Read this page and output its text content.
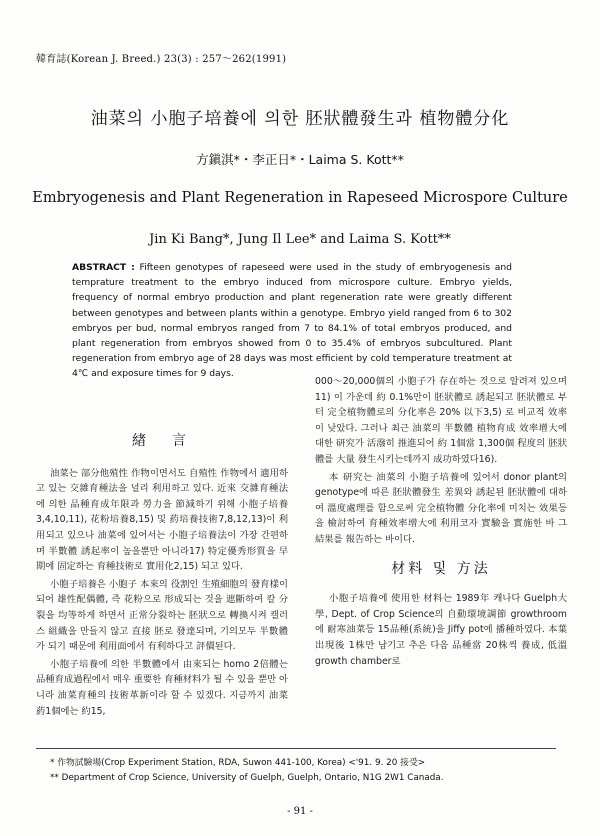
韓育誌(Korean J. Breed.) 23(3) : 257～262(1991)
油菜의 小胞子培養에 의한 胚狀體發生과 植物體分化
方鎭淇*・李正日*・Laima S. Kott**
Embryogenesis and Plant Regeneration in Rapeseed Microspore Culture
Jin Ki Bang*, Jung Il Lee* and Laima S. Kott**
ABSTRACT : Fifteen genotypes of rapeseed were used in the study of embryogenesis and temprature treatment to the embryo induced from microspore culture. Embryo yields, frequency of normal embryo production and plant regeneration rate were greatly different between genotypes and between plants within a genotype. Embryo yield ranged from 6 to 302 embryos per bud, normal embryos ranged from 7 to 84.1% of total embryos produced, and plant regeneration from embryos showed from 0 to 35.4% of embryos subcultured. Plant regeneration from embryo age of 28 days was most efficient by cold temperature treatment at 4℃ and exposure times for 9 days.
緖　言

油菜는 部分他殖性 作物이면서도 自殖性 作物에서 適用하고 있는 交雜育種法을 널리 利用하고 있다. 近來 交雜育種法에 의한 品種育成年限과 勞力을 節減하기 위해 小胞子培養3,4,10,11), 花粉培養8,15) 및 葯培養技術7,8,12,13)이 利用되고 있으나 油菜에 있어서는 小胞子培養法이 가장 간편하며 半數體 誘起率이 높을뿐만 아니라17) 特定優秀形質을 早期에 固定하는 育種技術로 實用化2,15) 되고 있다.

小胞子培養은 小胞子 本來의 役割인 生殖細胞의 發育樣이 되어 雄性配偶體, 즉 花粉으로 形成되는 것을 遮斷하여 칼 分裂을 均等하게 하면서 正常分裂하는 胚狀으로 轉換시켜 캘러스 組織을 만들지 않고 直接 胚로 發達되며, 기의모두 半數體가 되기 때문에 利用面에서 有利하다고 評價된다.

小胞子培養에 의한 半數體에서 由來되는 homo 2倍體는 品種育成過程에서 매우 重要한 育種材料가 될 수 있을 뿐만 아니라 油菜育種의 技術革新이라 할 수 있겠다. 지금까지 油菜 葯1個에는 約15,

000～20,000個의 小胞子가 存在하는 것으로 알려져 있으며11) 이 가운데 約 0.1%만이 胚狀體로 誘起되고 胚狀體로 부터 完全植物體로의 分化率은 20% 以下3,5) 로 비교적 效率이 낮았다. 그러나 최근 油菜의 半數體 植物育成 效率增大에 대한 研究가 活潑히 推進되어 約 1個當 1,300個 程度의 胚狀體를 大量 發生시키는데까지 成功하였다16).

本 研究는 油菜의 小胞子培養에 있어서 donor plant의 genotype에 따른 胚狀體發生 差異와 誘起된 胚狀體에 대하여 溫度處理를 함으로써 完全植物體 分化率에 미치는 效果등을 檢討하여 育種效率增大에 利用코자 實驗을 實施한 바 그 結果를 報告하는 바이다.

材料 및 方法

小胞子培養에 使用한 材料는 1989年 캐나다 Guelph大學, Dept. of Crop Science의 自動環境調節 growthroom에 耐寒油菜등 15品種(系統)을 Jiffy pot에 播種하였다. 本葉 出現後 1株만 남기고 추은 다음 品種當 20株씩 養成, 低溫 growth chamber로

* 作物試驗場(Crop Experiment Station, RDA, Suwon 441-100, Korea) <'91. 9. 20 接受>
** Department of Crop Science, University of Guelph, Guelph, Ontario, N1G 2W1 Canada.
- 91 -
